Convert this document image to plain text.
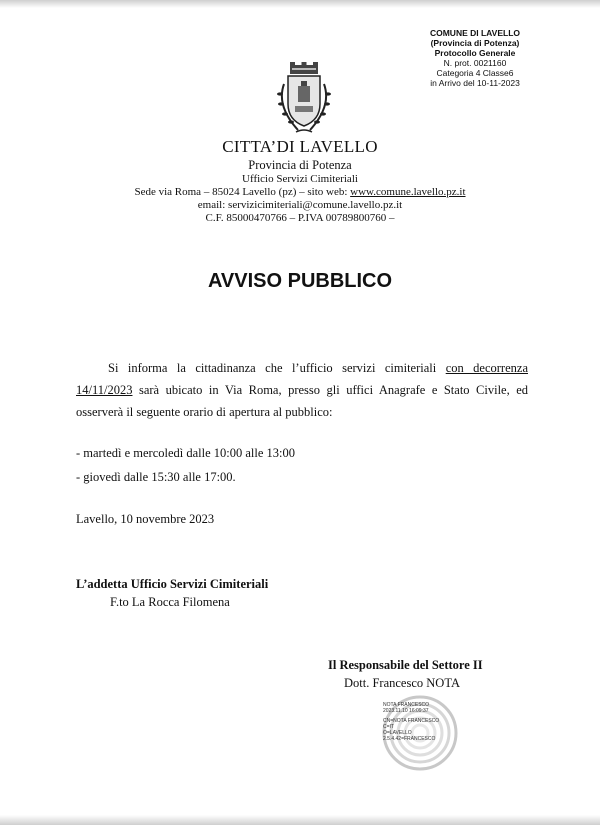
COMUNE DI LAVELLO
(Provincia di Potenza)
Protocollo Generale
N. prot. 0021160
Categoria 4 Classe6
in Arrivo del 10-11-2023
CITTA’DI LAVELLO
Provincia di Potenza
Ufficio Servizi Cimiteriali
Sede via Roma – 85024 Lavello (pz) – sito web: www.comune.lavello.pz.it
email: servizicimiteriali@comune.lavello.pz.it
C.F. 85000470766 – P.IVA 00789800760 –
AVVISO PUBBLICO
Si informa la cittadinanza che l’ufficio servizi cimiteriali con decorrenza 14/11/2023 sarà ubicato in Via Roma, presso gli uffici Anagrafe e Stato Civile, ed osserverà il seguente orario di apertura al pubblico:
- martedì e mercoledì dalle 10:00 alle 13:00
- giovedì dalle 15:30 alle 17:00.
Lavello, 10 novembre 2023
L’addetta Ufficio Servizi Cimiteriali
F.to La Rocca Filomena
Il Responsabile del Settore II
Dott. Francesco NOTA
NOTA FRANCESCO
2023.11.10 16:09:37
CN=NOTA FRANCESCO
C=IT
O=LAVELLO
2.5.4.42=FRANCESCO
